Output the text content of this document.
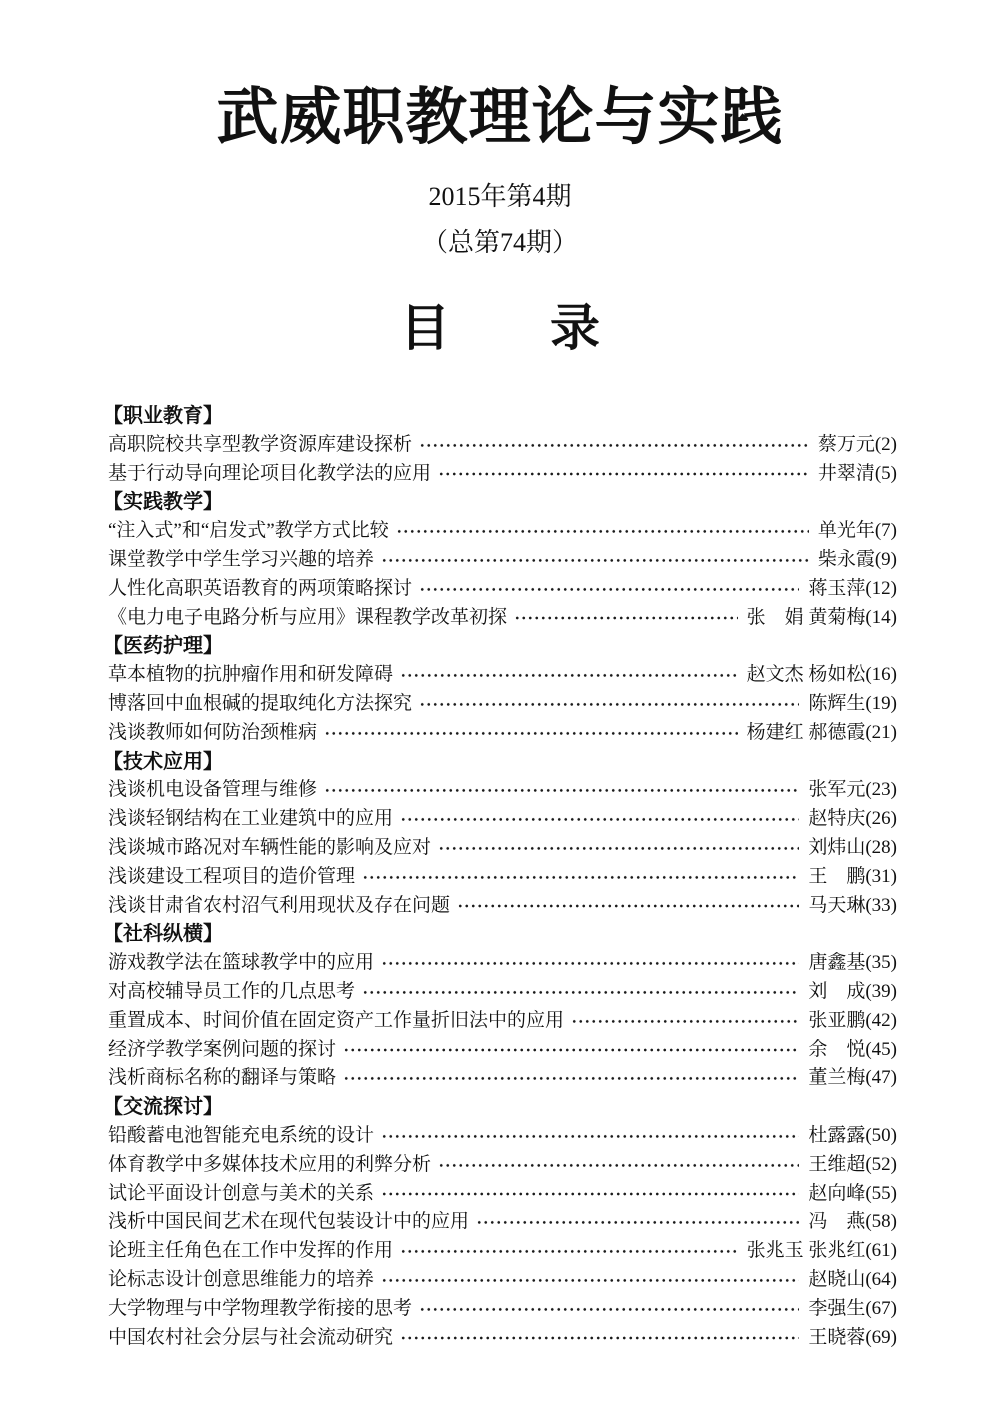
武威职教理论与实践
2015年第4期
（总第74期）
目　　录
【职业教育】
高职院校共享型教学资源库建设探析	蔡万元(2)
基于行动导向理论项目化教学法的应用	井翠清(5)
【实践教学】
“注入式”和“启发式”教学方式比较	单光年(7)
课堂教学中学生学习兴趣的培养	柴永霞(9)
人性化高职英语教育的两项策略探讨	蒋玉萍(12)
《电力电子电路分析与应用》课程教学改革初探	张　娟 黄菊梅(14)
【医药护理】
草本植物的抗肿瘤作用和研发障碍	赵文杰 杨如松(16)
博落回中血根碱的提取纯化方法探究	陈辉生(19)
浅谈教师如何防治颈椎病	杨建红 郝德霞(21)
【技术应用】
浅谈机电设备管理与维修	张军元(23)
浅谈轻钢结构在工业建筑中的应用	赵特庆(26)
浅谈城市路况对车辆性能的影响及应对	刘炜山(28)
浅谈建设工程项目的造价管理	王　鹏(31)
浅谈甘肃省农村沼气利用现状及存在问题	马天琳(33)
【社科纵横】
游戏教学法在篮球教学中的应用	唐鑫基(35)
对高校辅导员工作的几点思考	刘　成(39)
重置成本、时间价值在固定资产工作量折旧法中的应用	张亚鹏(42)
经济学教学案例问题的探讨	余　悦(45)
浅析商标名称的翻译与策略	董兰梅(47)
【交流探讨】
铅酸蓄电池智能充电系统的设计	杜露露(50)
体育教学中多媒体技术应用的利弊分析	王维超(52)
试论平面设计创意与美术的关系	赵向峰(55)
浅析中国民间艺术在现代包装设计中的应用	冯　燕(58)
论班主任角色在工作中发挥的作用	张兆玉 张兆红(61)
论标志设计创意思维能力的培养	赵晓山(64)
大学物理与中学物理教学衔接的思考	李强生(67)
中国农村社会分层与社会流动研究	王晓蓉(69)
